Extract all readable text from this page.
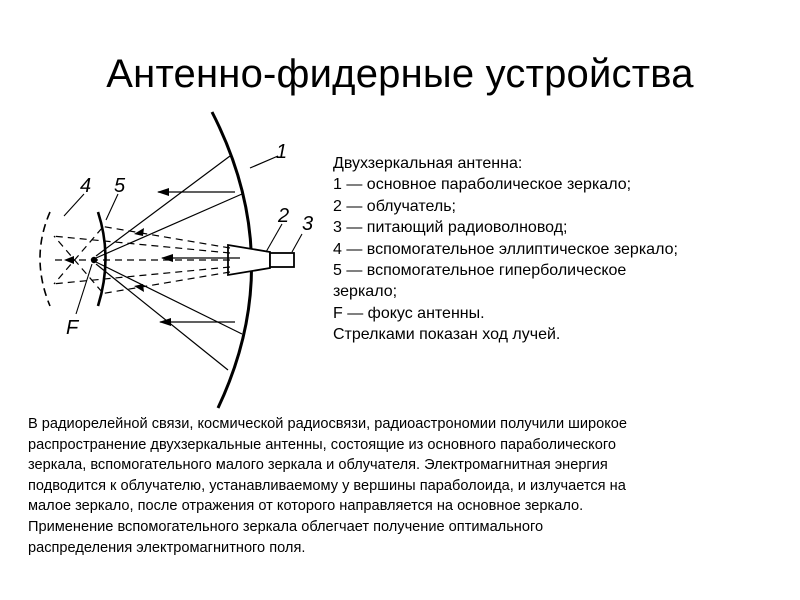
Антенно-фидерные устройства
1
4 5
F
2 3
Двухзеркальная антенна:
1 — основное параболическое зеркало;
2 — облучатель;
3 — питающий радиоволновод;
4 — вспомогательное эллиптическое зеркало;
5 — вспомогательное гиперболическое
зеркало;
F — фокус антенны.
Стрелками показан ход лучей.
В радиорелейной связи, космической радиосвязи, радиоастрономии получили широкое
распространение двухзеркальные антенны, состоящие из основного параболического
зеркала, вспомогательного малого зеркала и облучателя. Электромагнитная энергия
подводится к облучателю, устанавливаемому у вершины параболоида, и излучается на
малое зеркало, после отражения от которого направляется на основное зеркало.
Применение вспомогательного зеркала облегчает получение оптимального
распределения электромагнитного поля.
